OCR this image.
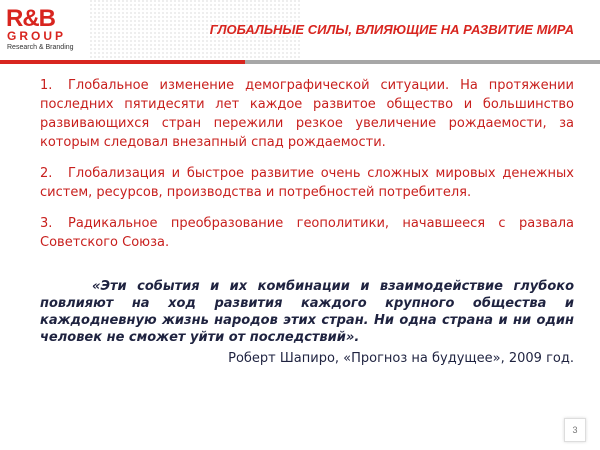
R&B
GROUP
Research & Branding
ГЛОБАЛЬНЫЕ СИЛЫ, ВЛИЯЮЩИЕ НА РАЗВИТИЕ МИРА
1. Глобальное изменение демографической ситуации. На протяжении последних пятидесяти лет каждое развитое общество и большинство развивающихся стран пережили резкое увеличение рождаемости, за которым следовал внезапный спад рождаемости.
2. Глобализация и быстрое развитие очень сложных мировых денежных систем, ресурсов, производства и потребностей потребителя.
3. Радикальное преобразование геополитики, начавшееся с развала Советского Союза.
«Эти события и их комбинации и взаимодействие глубоко повлияют на ход развития каждого крупного общества и каждодневную жизнь народов этих стран. Ни одна страна и ни один человек не сможет уйти от последствий».
Роберт Шапиро, «Прогноз на будущее», 2009 год.
3
